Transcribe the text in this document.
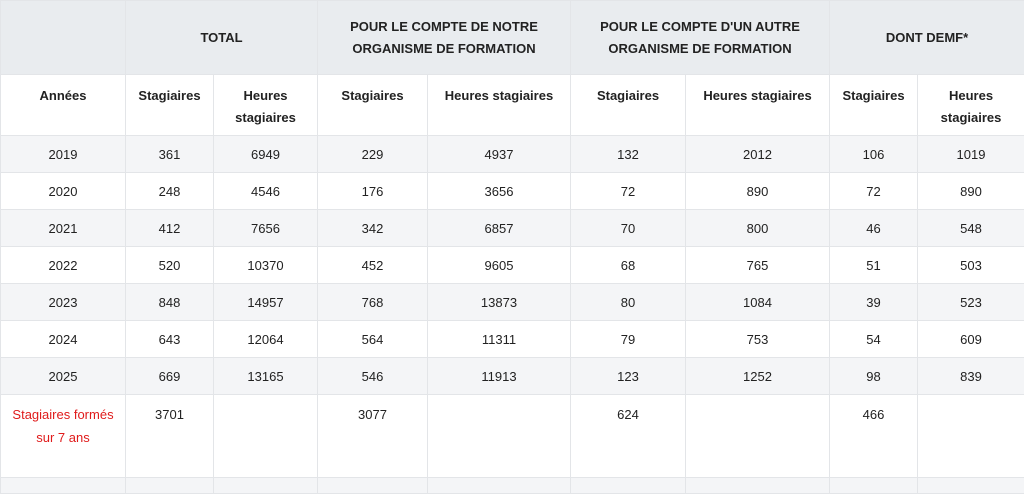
	TOTAL		POUR LE COMPTE DE NOTRE ORGANISME DE FORMATION		POUR LE COMPTE D'UN AUTRE ORGANISME DE FORMATION		DONT DEMF*	
Années	Stagiaires	Heures stagiaires	Stagiaires	Heures stagiaires	Stagiaires	Heures stagiaires	Stagiaires	Heures stagiaires
2019	361	6949	229	4937	132	2012	106	1019
2020	248	4546	176	3656	72	890	72	890
2021	412	7656	342	6857	70	800	46	548
2022	520	10370	452	9605	68	765	51	503
2023	848	14957	768	13873	80	1084	39	523
2024	643	12064	564	11311	79	753	54	609
2025	669	13165	546	11913	123	1252	98	839
Stagiaires formés sur 7 ans	3701		3077		624		466	
